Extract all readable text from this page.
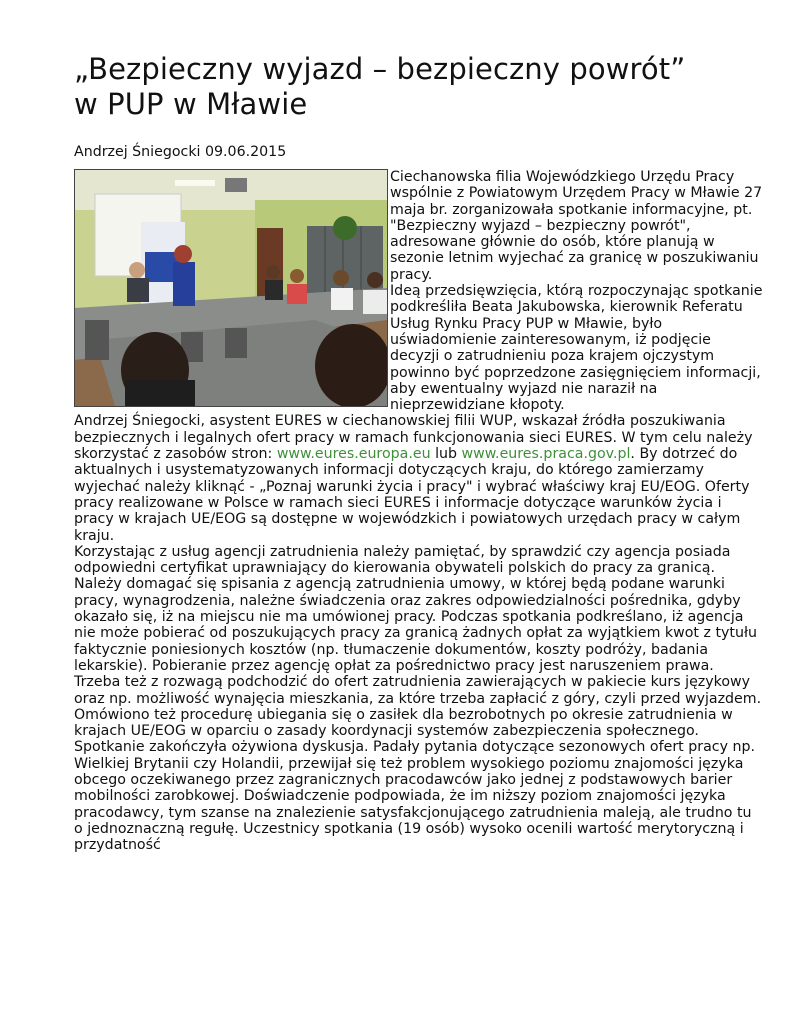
„Bezpieczny wyjazd – bezpieczny powrót”
w PUP w Mławie
Andrzej Śniegocki 09.06.2015

Ciechanowska filia Wojewódzkiego Urzędu Pracy wspólnie z Powiatowym Urzędem Pracy w Mławie 27 maja br. zorganizowała spotkanie informacyjne, pt. "Bezpieczny wyjazd – bezpieczny powrót", adresowane głównie do osób, które planują w sezonie letnim wyjechać za granicę w poszukiwaniu pracy.

Ideą przedsięwzięcia, którą rozpoczynając spotkanie podkreśliła Beata Jakubowska, kierownik Referatu Usług Rynku Pracy PUP w Mławie, było uświadomienie zainteresowanym, iż podjęcie decyzji o zatrudnieniu poza krajem ojczystym powinno być poprzedzone zasięgnięciem informacji, aby ewentualny wyjazd nie naraził na nieprzewidziane kłopoty.

Andrzej Śniegocki, asystent EURES w ciechanowskiej filii WUP, wskazał źródła poszukiwania bezpiecznych i legalnych ofert pracy w ramach funkcjonowania sieci EURES. W tym celu należy skorzystać z zasobów stron: www.eures.europa.eu lub www.eures.praca.gov.pl. By dotrzeć do aktualnych i usystematyzowanych informacji dotyczących kraju, do którego zamierzamy wyjechać należy kliknąć - „Poznaj warunki życia i pracy" i wybrać właściwy kraj EU/EOG. Oferty pracy realizowane w Polsce w ramach sieci EURES i informacje dotyczące warunków życia i pracy w krajach UE/EOG są dostępne w wojewódzkich i powiatowych urzędach pracy w całym kraju.

Korzystając z usług agencji zatrudnienia należy pamiętać, by sprawdzić czy agencja posiada odpowiedni certyfikat uprawniający do kierowania obywateli polskich do pracy za granicą. Należy domagać się spisania z agencją zatrudnienia umowy, w której będą podane warunki pracy, wynagrodzenia, należne świadczenia oraz zakres odpowiedzialności pośrednika, gdyby okazało się, iż na miejscu nie ma umówionej pracy. Podczas spotkania podkreślano, iż agencja nie może pobierać od poszukujących pracy za granicą żadnych opłat za wyjątkiem kwot z tytułu faktycznie poniesionych kosztów (np. tłumaczenie dokumentów, koszty podróży, badania lekarskie). Pobieranie przez agencję opłat za pośrednictwo pracy jest naruszeniem prawa. Trzeba też z rozwagą podchodzić do ofert zatrudnienia zawierających w pakiecie kurs językowy oraz np. możliwość wynajęcia mieszkania, za które trzeba zapłacić z góry, czyli przed wyjazdem.

Omówiono też procedurę ubiegania się o zasiłek dla bezrobotnych po okresie zatrudnienia w krajach UE/EOG w oparciu o zasady koordynacji systemów zabezpieczenia społecznego.

Spotkanie zakończyła ożywiona dyskusja. Padały pytania dotyczące sezonowych ofert pracy np. Wielkiej Brytanii czy Holandii, przewijał się też problem wysokiego poziomu znajomości języka obcego oczekiwanego przez zagranicznych pracodawców jako jednej z podstawowych barier mobilności zarobkowej. Doświadczenie podpowiada, że im niższy poziom znajomości języka pracodawcy, tym szanse na znalezienie satysfakcjonującego zatrudnienia maleją, ale trudno tu o jednoznaczną regułę. Uczestnicy spotkania (19 osób) wysoko ocenili wartość merytoryczną i przydatność
